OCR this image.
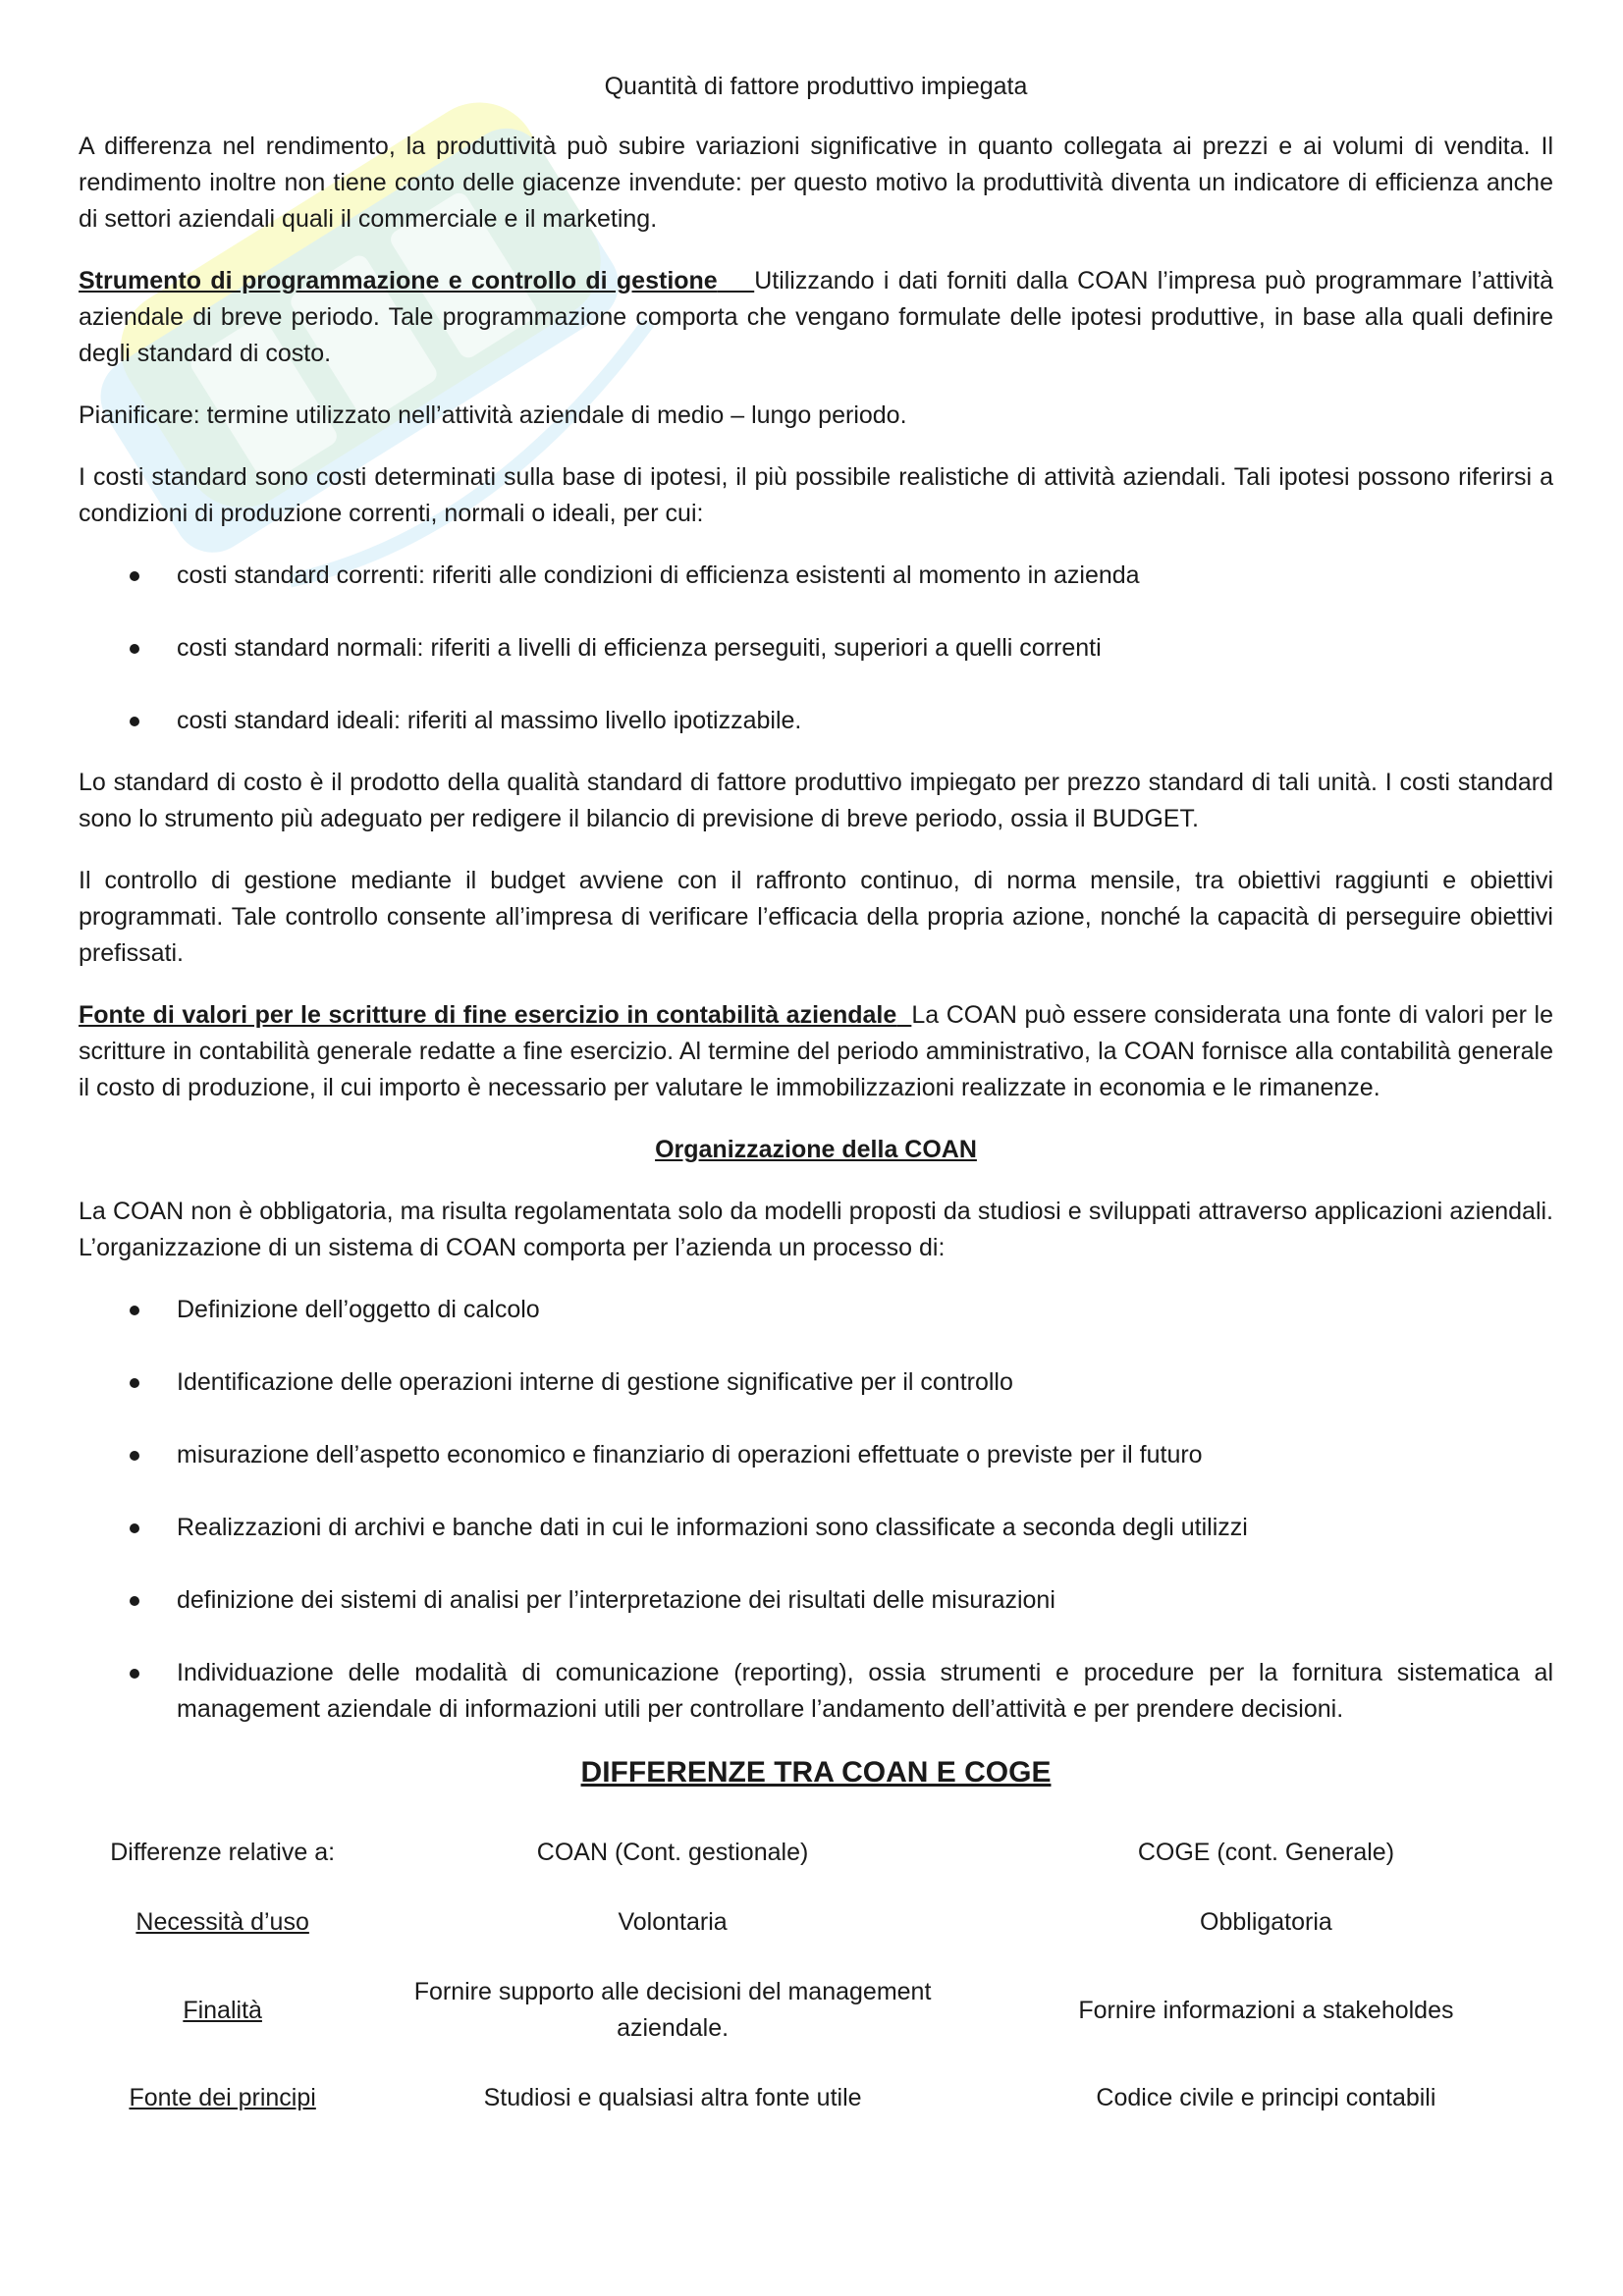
Quantità di fattore produttivo impiegata

A differenza nel rendimento, la produttività può subire variazioni significative in quanto collegata ai prezzi e ai volumi di vendita. Il rendimento inoltre non tiene conto delle giacenze invendute: per questo motivo la produttività diventa un indicatore di efficienza anche di settori aziendali quali il commerciale e il marketing.

Strumento di programmazione e controllo di gestione Utilizzando i dati forniti dalla COAN l’impresa può programmare l’attività aziendale di breve periodo. Tale programmazione comporta che vengano formulate delle ipotesi produttive, in base alla quali definire degli standard di costo.

Pianificare: termine utilizzato nell’attività aziendale di medio – lungo periodo.

I costi standard sono costi determinati sulla base di ipotesi, il più possibile realistiche di attività aziendali. Tali ipotesi possono riferirsi a condizioni di produzione correnti, normali o ideali, per cui:

costi standard correnti: riferiti alle condizioni di efficienza esistenti al momento in azienda
costi standard normali: riferiti a livelli di efficienza perseguiti, superiori a quelli correnti
costi standard ideali: riferiti al massimo livello ipotizzabile.

Lo standard di costo è il prodotto della qualità standard di fattore produttivo impiegato per prezzo standard di tali unità. I costi standard sono lo strumento più adeguato per redigere il bilancio di previsione di breve periodo, ossia il BUDGET.

Il controllo di gestione mediante il budget avviene con il raffronto continuo, di norma mensile, tra obiettivi raggiunti e obiettivi programmati. Tale controllo consente all’impresa di verificare l’efficacia della propria azione, nonché la capacità di perseguire obiettivi prefissati.

Fonte di valori per le scritture di fine esercizio in contabilità aziendale La COAN può essere considerata una fonte di valori per le scritture in contabilità generale redatte a fine esercizio. Al termine del periodo amministrativo, la COAN fornisce alla contabilità generale il costo di produzione, il cui importo è necessario per valutare le immobilizzazioni realizzate in economia e le rimanenze.

Organizzazione della COAN

La COAN non è obbligatoria, ma risulta regolamentata solo da modelli proposti da studiosi e sviluppati attraverso applicazioni aziendali. L’organizzazione di un sistema di COAN comporta per l’azienda un processo di:

Definizione dell’oggetto di calcolo
Identificazione delle operazioni interne di gestione significative per il controllo
misurazione dell’aspetto economico e finanziario di operazioni effettuate o previste per il futuro
Realizzazioni di archivi e banche dati in cui le informazioni sono classificate a seconda degli utilizzi
definizione dei sistemi di analisi per l’interpretazione dei risultati delle misurazioni
Individuazione delle modalità di comunicazione (reporting), ossia strumenti e procedure per la fornitura sistematica al management aziendale di informazioni utili per controllare l’andamento dell’attività e per prendere decisioni.

DIFFERENZE TRA COAN E COGE

Differenze relative a:	COAN (Cont. gestionale)	COGE (cont. Generale)
Necessità d’uso	Volontaria	Obbligatoria
Finalità	Fornire supporto alle decisioni del management aziendale.	Fornire informazioni a stakeholdes
Fonte dei principi	Studiosi e qualsiasi altra fonte utile	Codice civile e principi contabili
